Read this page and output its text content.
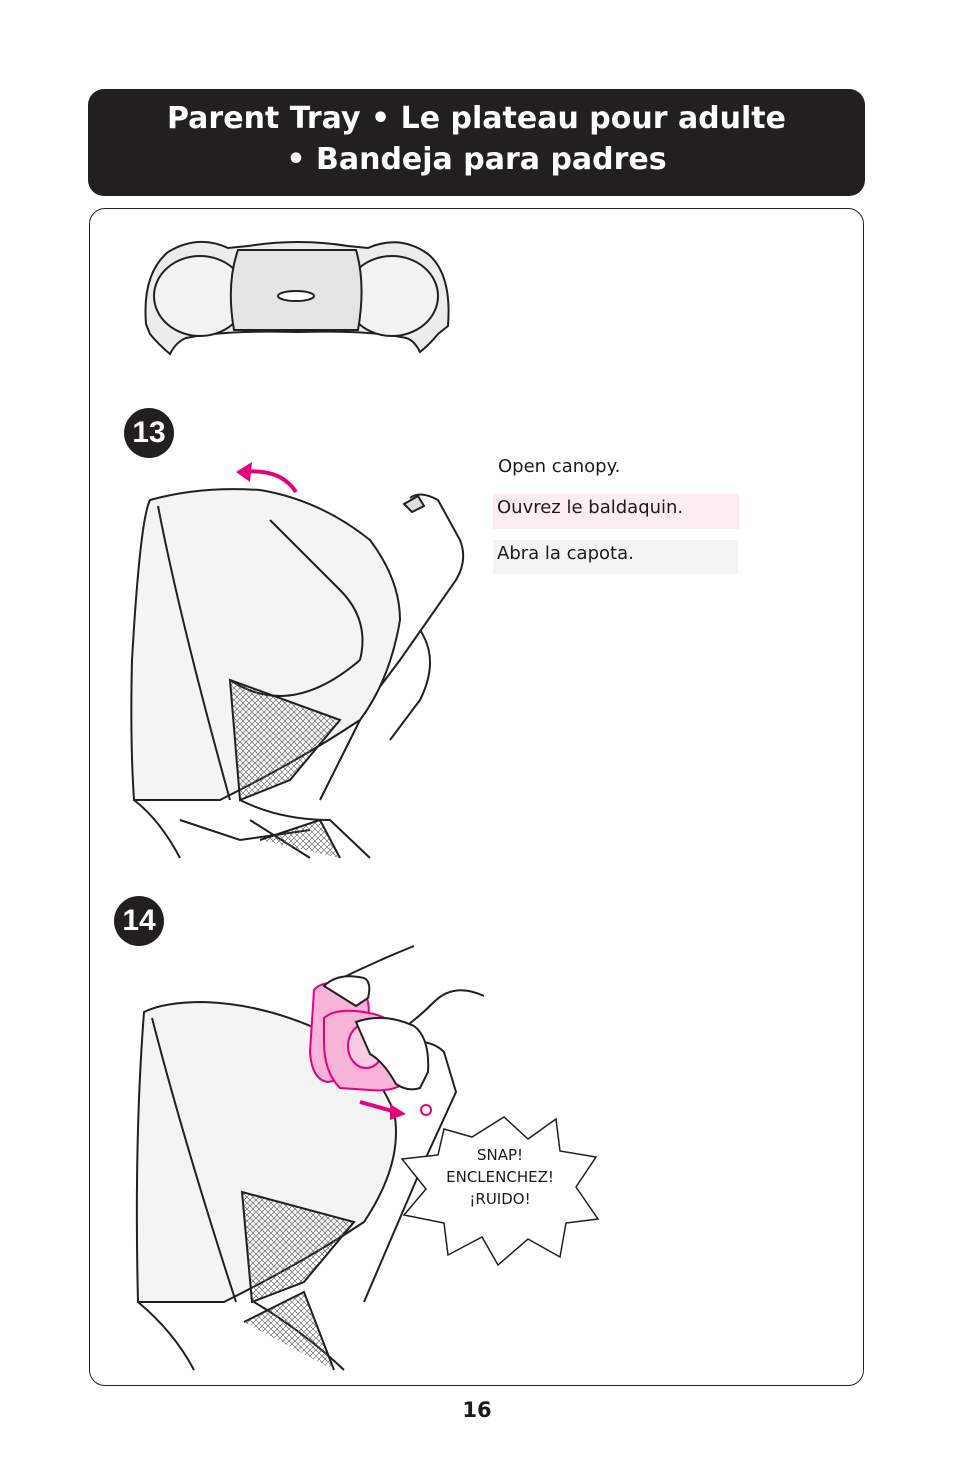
Parent Tray • Le plateau pour adulte
• Bandeja para padres
13
Open canopy.
Ouvrez le baldaquin.
Abra la capota.
14
SNAP!
ENCLENCHEZ!
¡RUIDO!
16
